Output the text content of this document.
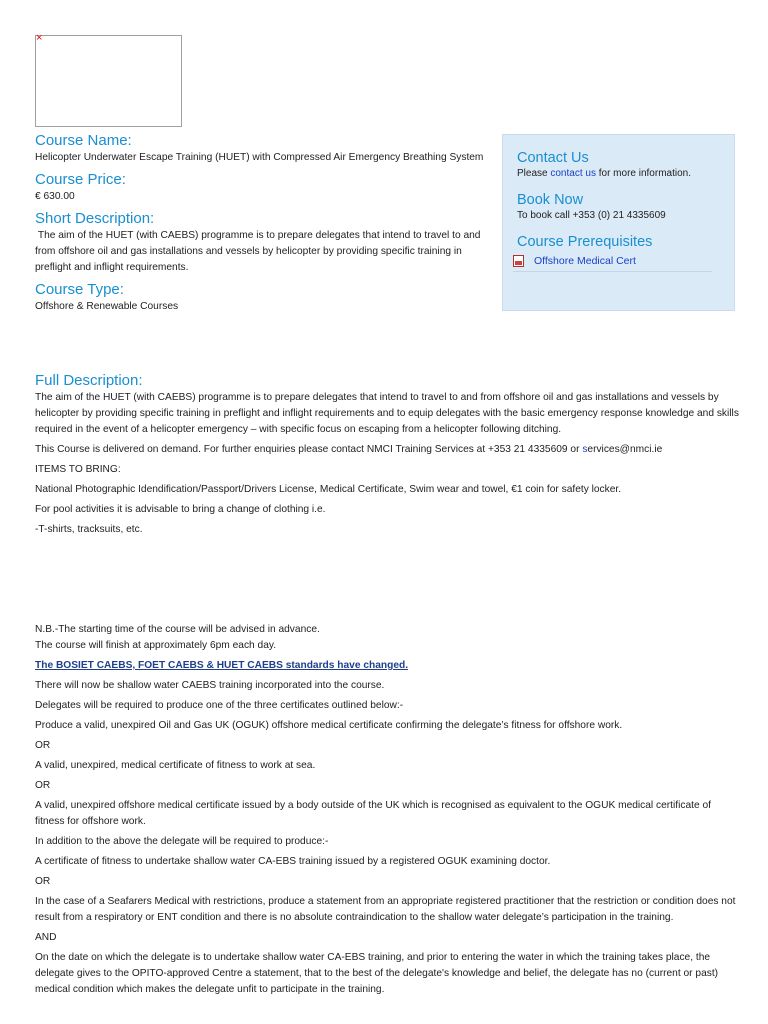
×
Course Name:

Helicopter Underwater Escape Training (HUET) with Compressed Air Emergency Breathing System

Course Price:

€ 630.00

Short Description:

The aim of the HUET (with CAEBS) programme is to prepare delegates that intend to travel to and from offshore oil and gas installations and vessels by helicopter by providing specific training in preflight and inflight requirements.

Course Type:

Offshore & Renewable Courses

Full Description:

The aim of the HUET (with CAEBS) programme is to prepare delegates that intend to travel to and from offshore oil and gas installations and vessels by helicopter by providing specific training in preflight and inflight requirements and to equip delegates with the basic emergency response knowledge and skills required in the event of a helicopter emergency – with specific focus on escaping from a helicopter following ditching.

This Course is delivered on demand. For further enquiries please contact NMCI Training Services at +353 21 4335609 or services@nmci.ie

ITEMS TO BRING:

National Photographic Idendification/Passport/Drivers License, Medical Certificate, Swim wear and towel, €1 coin for safety locker.

For pool activities it is advisable to bring a change of clothing i.e.

-T-shirts, tracksuits, etc.

N.B.-The starting time of the course will be advised in advance.

The course will finish at approximately 6pm each day.

The BOSIET CAEBS, FOET CAEBS & HUET CAEBS standards have changed.

There will now be shallow water CAEBS training incorporated into the course.

Delegates will be required to produce one of the three certificates outlined below:-

Produce a valid, unexpired Oil and Gas UK (OGUK) offshore medical certificate confirming the delegate’s fitness for offshore work.

OR

A valid, unexpired, medical certificate of fitness to work at sea.

OR

A valid, unexpired offshore medical certificate issued by a body outside of the UK which is recognised as equivalent to the OGUK medical certificate of fitness for offshore work.

In addition to the above the delegate will be required to produce:-

A certificate of fitness to undertake shallow water CA-EBS training issued by a registered OGUK examining doctor.

OR

In the case of a Seafarers Medical with restrictions, produce a statement from an appropriate registered practitioner that the restriction or condition does not result from a respiratory or ENT condition and there is no absolute contraindication to the shallow water delegate’s participation in the training.

AND

On the date on which the delegate is to undertake shallow water CA-EBS training, and prior to entering the water in which the training takes place, the delegate gives to the OPITO-approved Centre a statement, that to the best of the delegate's knowledge and belief, the delegate has no (current or past) medical condition which makes the delegate unfit to participate in the training.

Contact Us

Please contact us for more information.

Book Now

To book call +353 (0) 21 4335609

Course Prerequisites
Offshore Medical Cert
